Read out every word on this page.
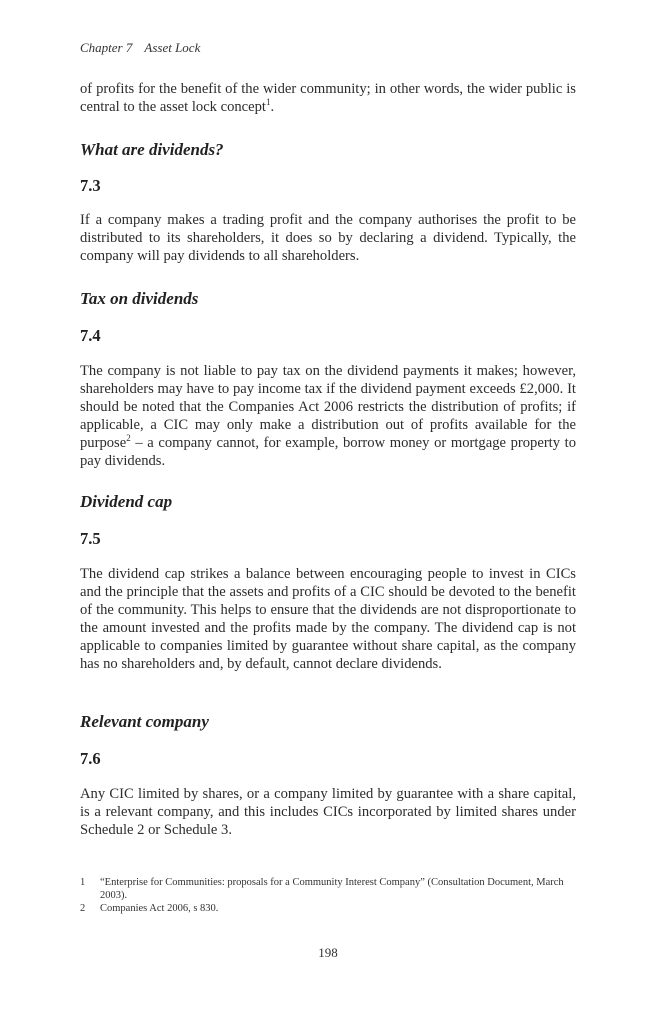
Chapter 7 Asset Lock

of profits for the benefit of the wider community; in other words, the wider public is central to the asset lock concept$^1$.

What are dividends?
7.3

If a company makes a trading profit and the company authorises the profit to be distributed to its shareholders, it does so by declaring a dividend. Typically, the company will pay dividends to all shareholders.

Tax on dividends
7.4

The company is not liable to pay tax on the dividend payments it makes; however, shareholders may have to pay income tax if the dividend payment exceeds £2,000. It should be noted that the Companies Act 2006 restricts the distribution of profits; if applicable, a CIC may only make a distribution out of profits available for the purpose$^2$ – a company cannot, for example, borrow money or mortgage property to pay dividends.

Dividend cap
7.5

The dividend cap strikes a balance between encouraging people to invest in CICs and the principle that the assets and profits of a CIC should be devoted to the benefit of the community. This helps to ensure that the dividends are not disproportionate to the amount invested and the profits made by the company. The dividend cap is not applicable to companies limited by guarantee without share capital, as the company has no shareholders and, by default, cannot declare dividends.

Relevant company
7.6

Any CIC limited by shares, or a company limited by guarantee with a share capital, is a relevant company, and this includes CICs incorporated by limited shares under Schedule 2 or Schedule 3.

1	“Enterprise for Communities: proposals for a Community Interest Company” (Consultation Document, March 2003).

2	Companies Act 2006, s 830.

198
